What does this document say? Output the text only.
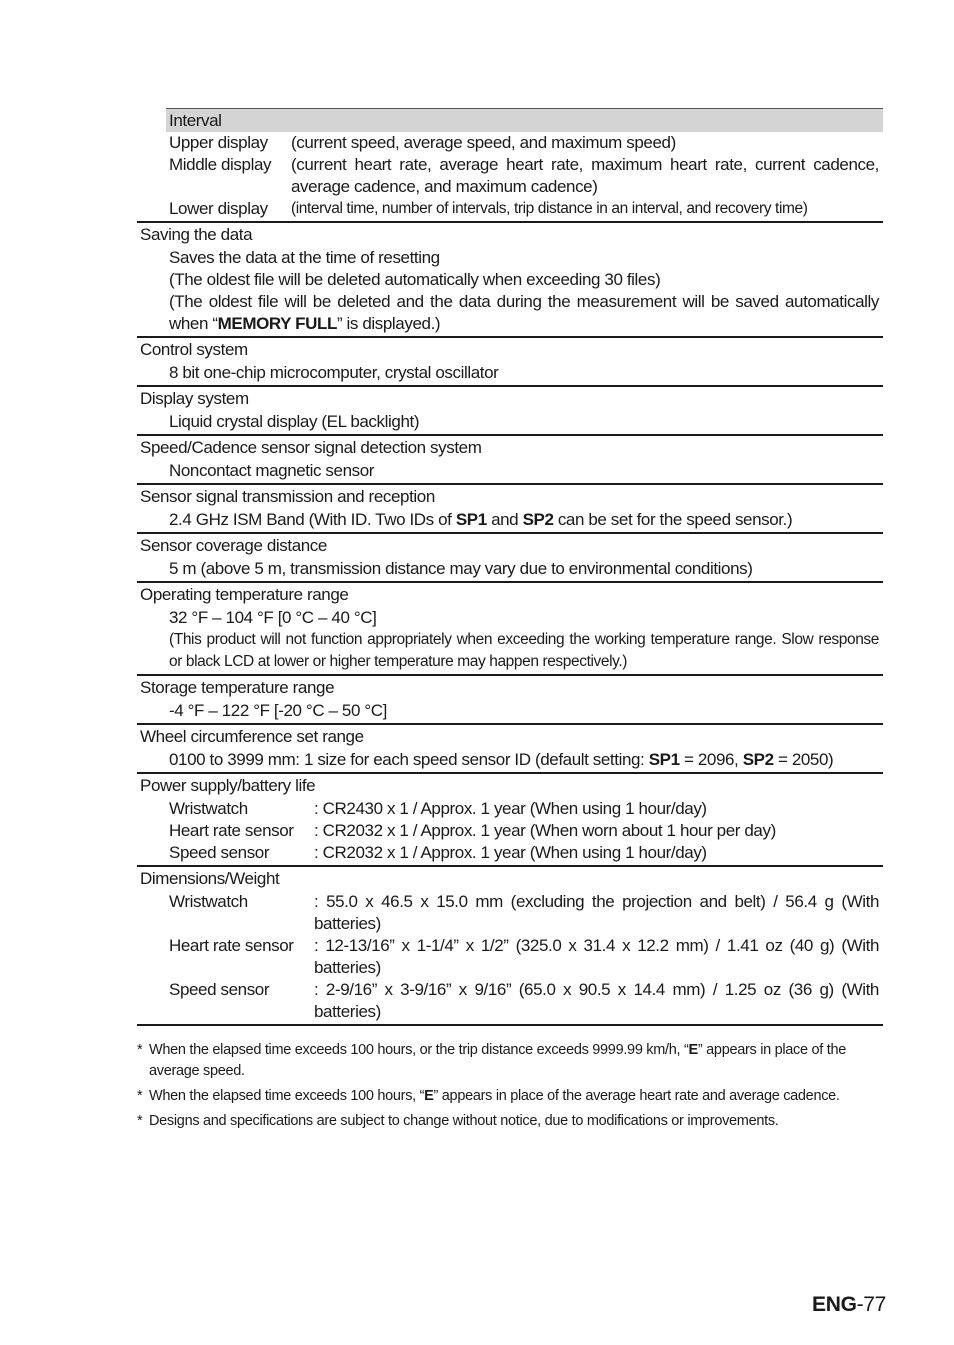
Interval
Upper display	(current speed, average speed, and maximum speed)
Middle display	(current heart rate, average heart rate, maximum heart rate, current cadence, average cadence, and maximum cadence)
Lower display	(interval time, number of intervals, trip distance in an interval, and recovery time)
Saving the data
Saves the data at the time of resetting
(The oldest file will be deleted automatically when exceeding 30 files)
(The oldest file will be deleted and the data during the measurement will be saved automatically when “MEMORY FULL” is displayed.)
Control system
8 bit one-chip microcomputer, crystal oscillator
Display system
Liquid crystal display (EL backlight)
Speed/Cadence sensor signal detection system
Noncontact magnetic sensor
Sensor signal transmission and reception
2.4 GHz ISM Band (With ID. Two IDs of SP1 and SP2 can be set for the speed sensor.)
Sensor coverage distance
5 m (above 5 m, transmission distance may vary due to environmental conditions)
Operating temperature range
32 °F – 104 °F [0 °C – 40 °C]
(This product will not function appropriately when exceeding the working temperature range. Slow response or black LCD at lower or higher temperature may happen respectively.)
Storage temperature range
-4 °F – 122 °F [-20 °C – 50 °C]
Wheel circumference set range
0100 to 3999 mm: 1 size for each speed sensor ID (default setting: SP1 = 2096, SP2 = 2050)
Power supply/battery life
Wristwatch	: CR2430 x 1 / Approx. 1 year (When using 1 hour/day)
Heart rate sensor	: CR2032 x 1 / Approx. 1 year (When worn about 1 hour per day)
Speed sensor	: CR2032 x 1 / Approx. 1 year (When using 1 hour/day)
Dimensions/Weight
Wristwatch	: 55.0 x 46.5 x 15.0 mm (excluding the projection and belt) / 56.4 g (With batteries)
Heart rate sensor	: 12-13/16” x 1-1/4” x 1/2” (325.0 x 31.4 x 12.2 mm) / 1.41 oz (40 g) (With batteries)
Speed sensor	: 2-9/16” x 3-9/16” x 9/16” (65.0 x 90.5 x 14.4 mm) / 1.25 oz (36 g) (With batteries)
* When the elapsed time exceeds 100 hours, or the trip distance exceeds 9999.99 km/h, “E” appears in place of the average speed.
* When the elapsed time exceeds 100 hours, “E” appears in place of the average heart rate and average cadence.
* Designs and specifications are subject to change without notice, due to modifications or improvements.
ENG-77
